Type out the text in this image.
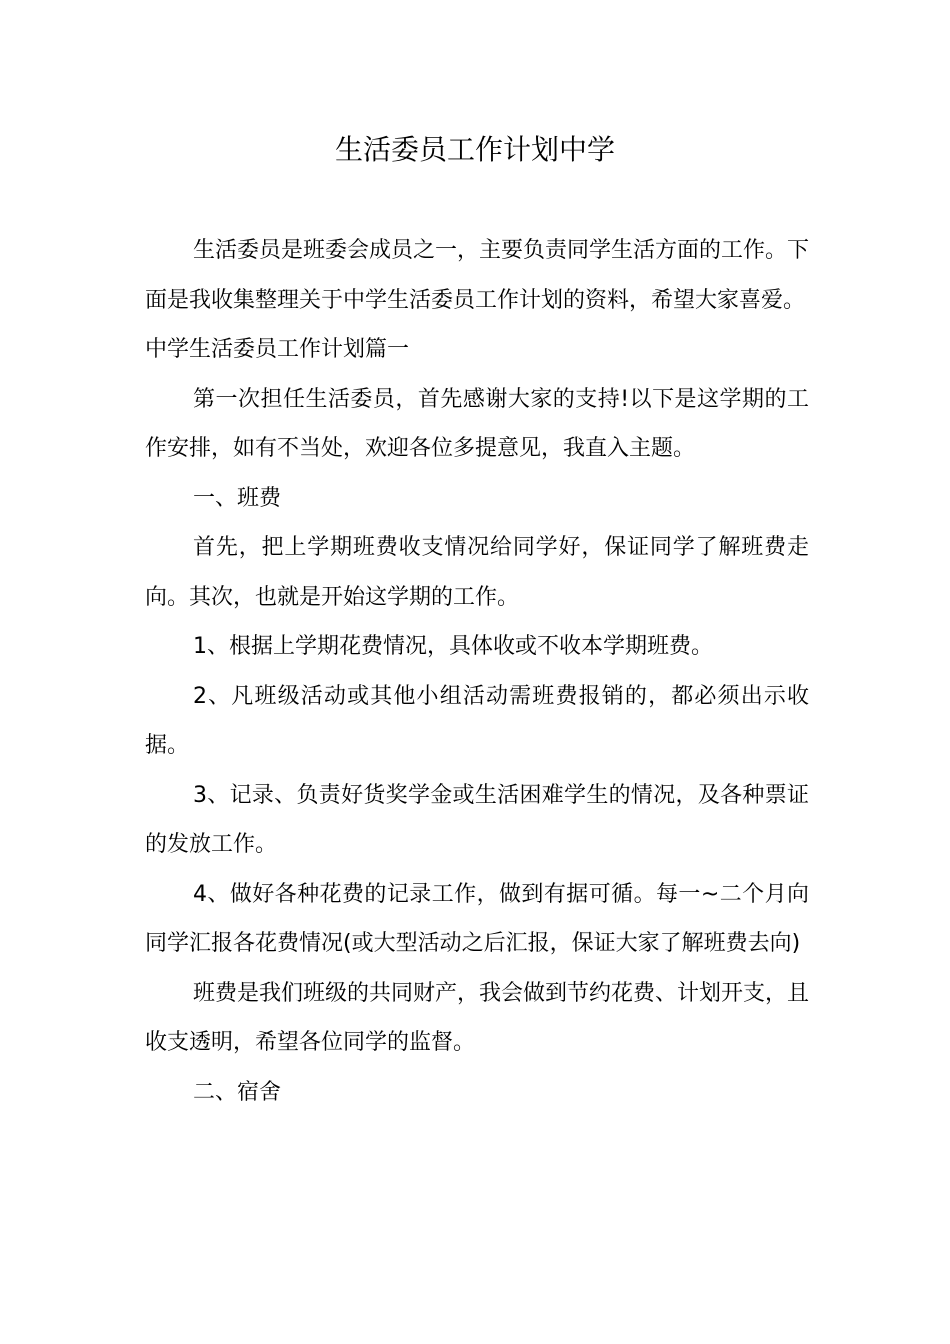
生活委员工作计划中学

生活委员是班委会成员之一，主要负责同学生活方面的工作。下面是我收集整理关于中学生活委员工作计划的资料，希望大家喜爱。

中学生活委员工作计划篇一

第一次担任生活委员，首先感谢大家的支持!以下是这学期的工作安排，如有不当处，欢迎各位多提意见，我直入主题。

一、班费

首先，把上学期班费收支情况给同学好，保证同学了解班费走向。其次，也就是开始这学期的工作。

1、根据上学期花费情况，具体收或不收本学期班费。

2、凡班级活动或其他小组活动需班费报销的，都必须出示收据。

3、记录、负责好货奖学金或生活困难学生的情况，及各种票证的发放工作。

4、做好各种花费的记录工作，做到有据可循。每一~二个月向同学汇报各花费情况(或大型活动之后汇报，保证大家了解班费去向)

班费是我们班级的共同财产，我会做到节约花费、计划开支，且收支透明，希望各位同学的监督。

二、宿舍
